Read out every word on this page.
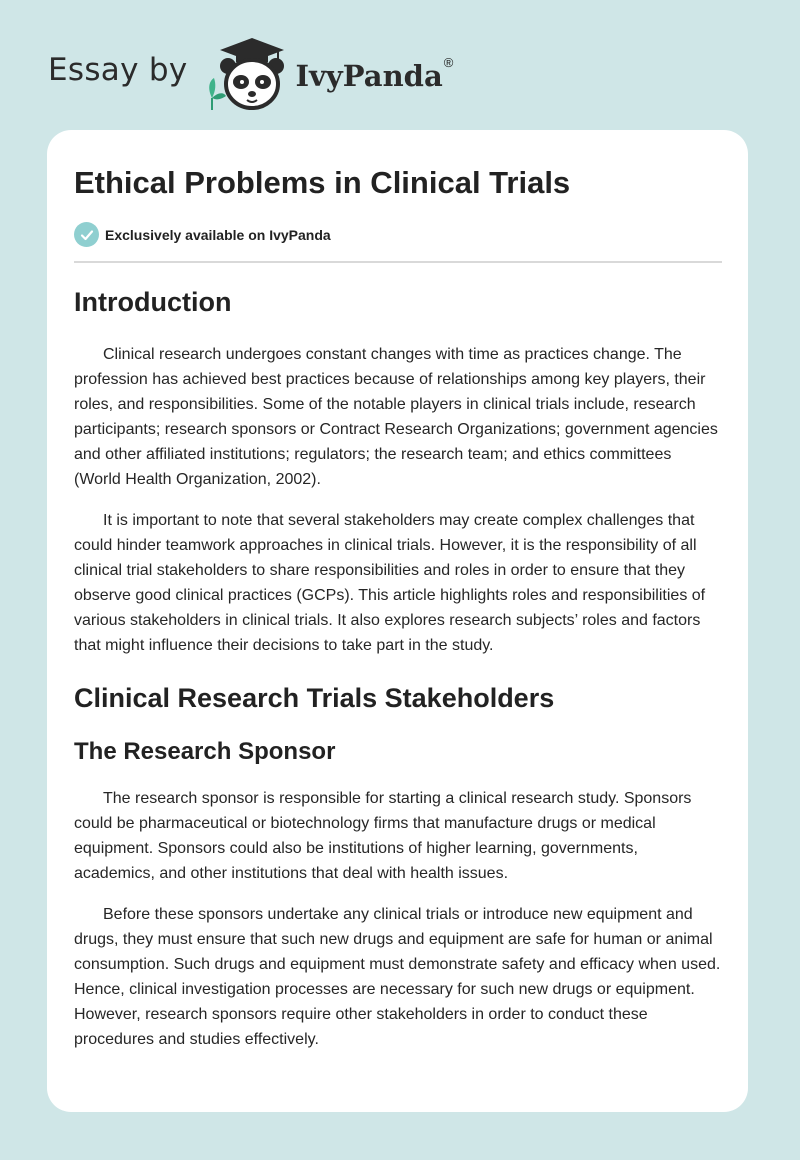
Essay by	IvyPanda ®
Ethical Problems in Clinical Trials
Exclusively available on IvyPanda
Introduction

Clinical research undergoes constant changes with time as practices change. The profession has achieved best practices because of relationships among key players, their roles, and responsibilities. Some of the notable players in clinical trials include, research participants; research sponsors or Contract Research Organizations; government agencies and other affiliated institutions; regulators; the research team; and ethics committees (World Health Organization, 2002).

It is important to note that several stakeholders may create complex challenges that could hinder teamwork approaches in clinical trials. However, it is the responsibility of all clinical trial stakeholders to share responsibilities and roles in order to ensure that they observe good clinical practices (GCPs). This article highlights roles and responsibilities of various stakeholders in clinical trials. It also explores research subjects’ roles and factors that might influence their decisions to take part in the study.

Clinical Research Trials Stakeholders
The Research Sponsor

The research sponsor is responsible for starting a clinical research study. Sponsors could be pharmaceutical or biotechnology firms that manufacture drugs or medical equipment. Sponsors could also be institutions of higher learning, governments, academics, and other institutions that deal with health issues.

Before these sponsors undertake any clinical trials or introduce new equipment and drugs, they must ensure that such new drugs and equipment are safe for human or animal consumption. Such drugs and equipment must demonstrate safety and efficacy when used. Hence, clinical investigation processes are necessary for such new drugs or equipment. However, research sponsors require other stakeholders in order to conduct these procedures and studies effectively.
